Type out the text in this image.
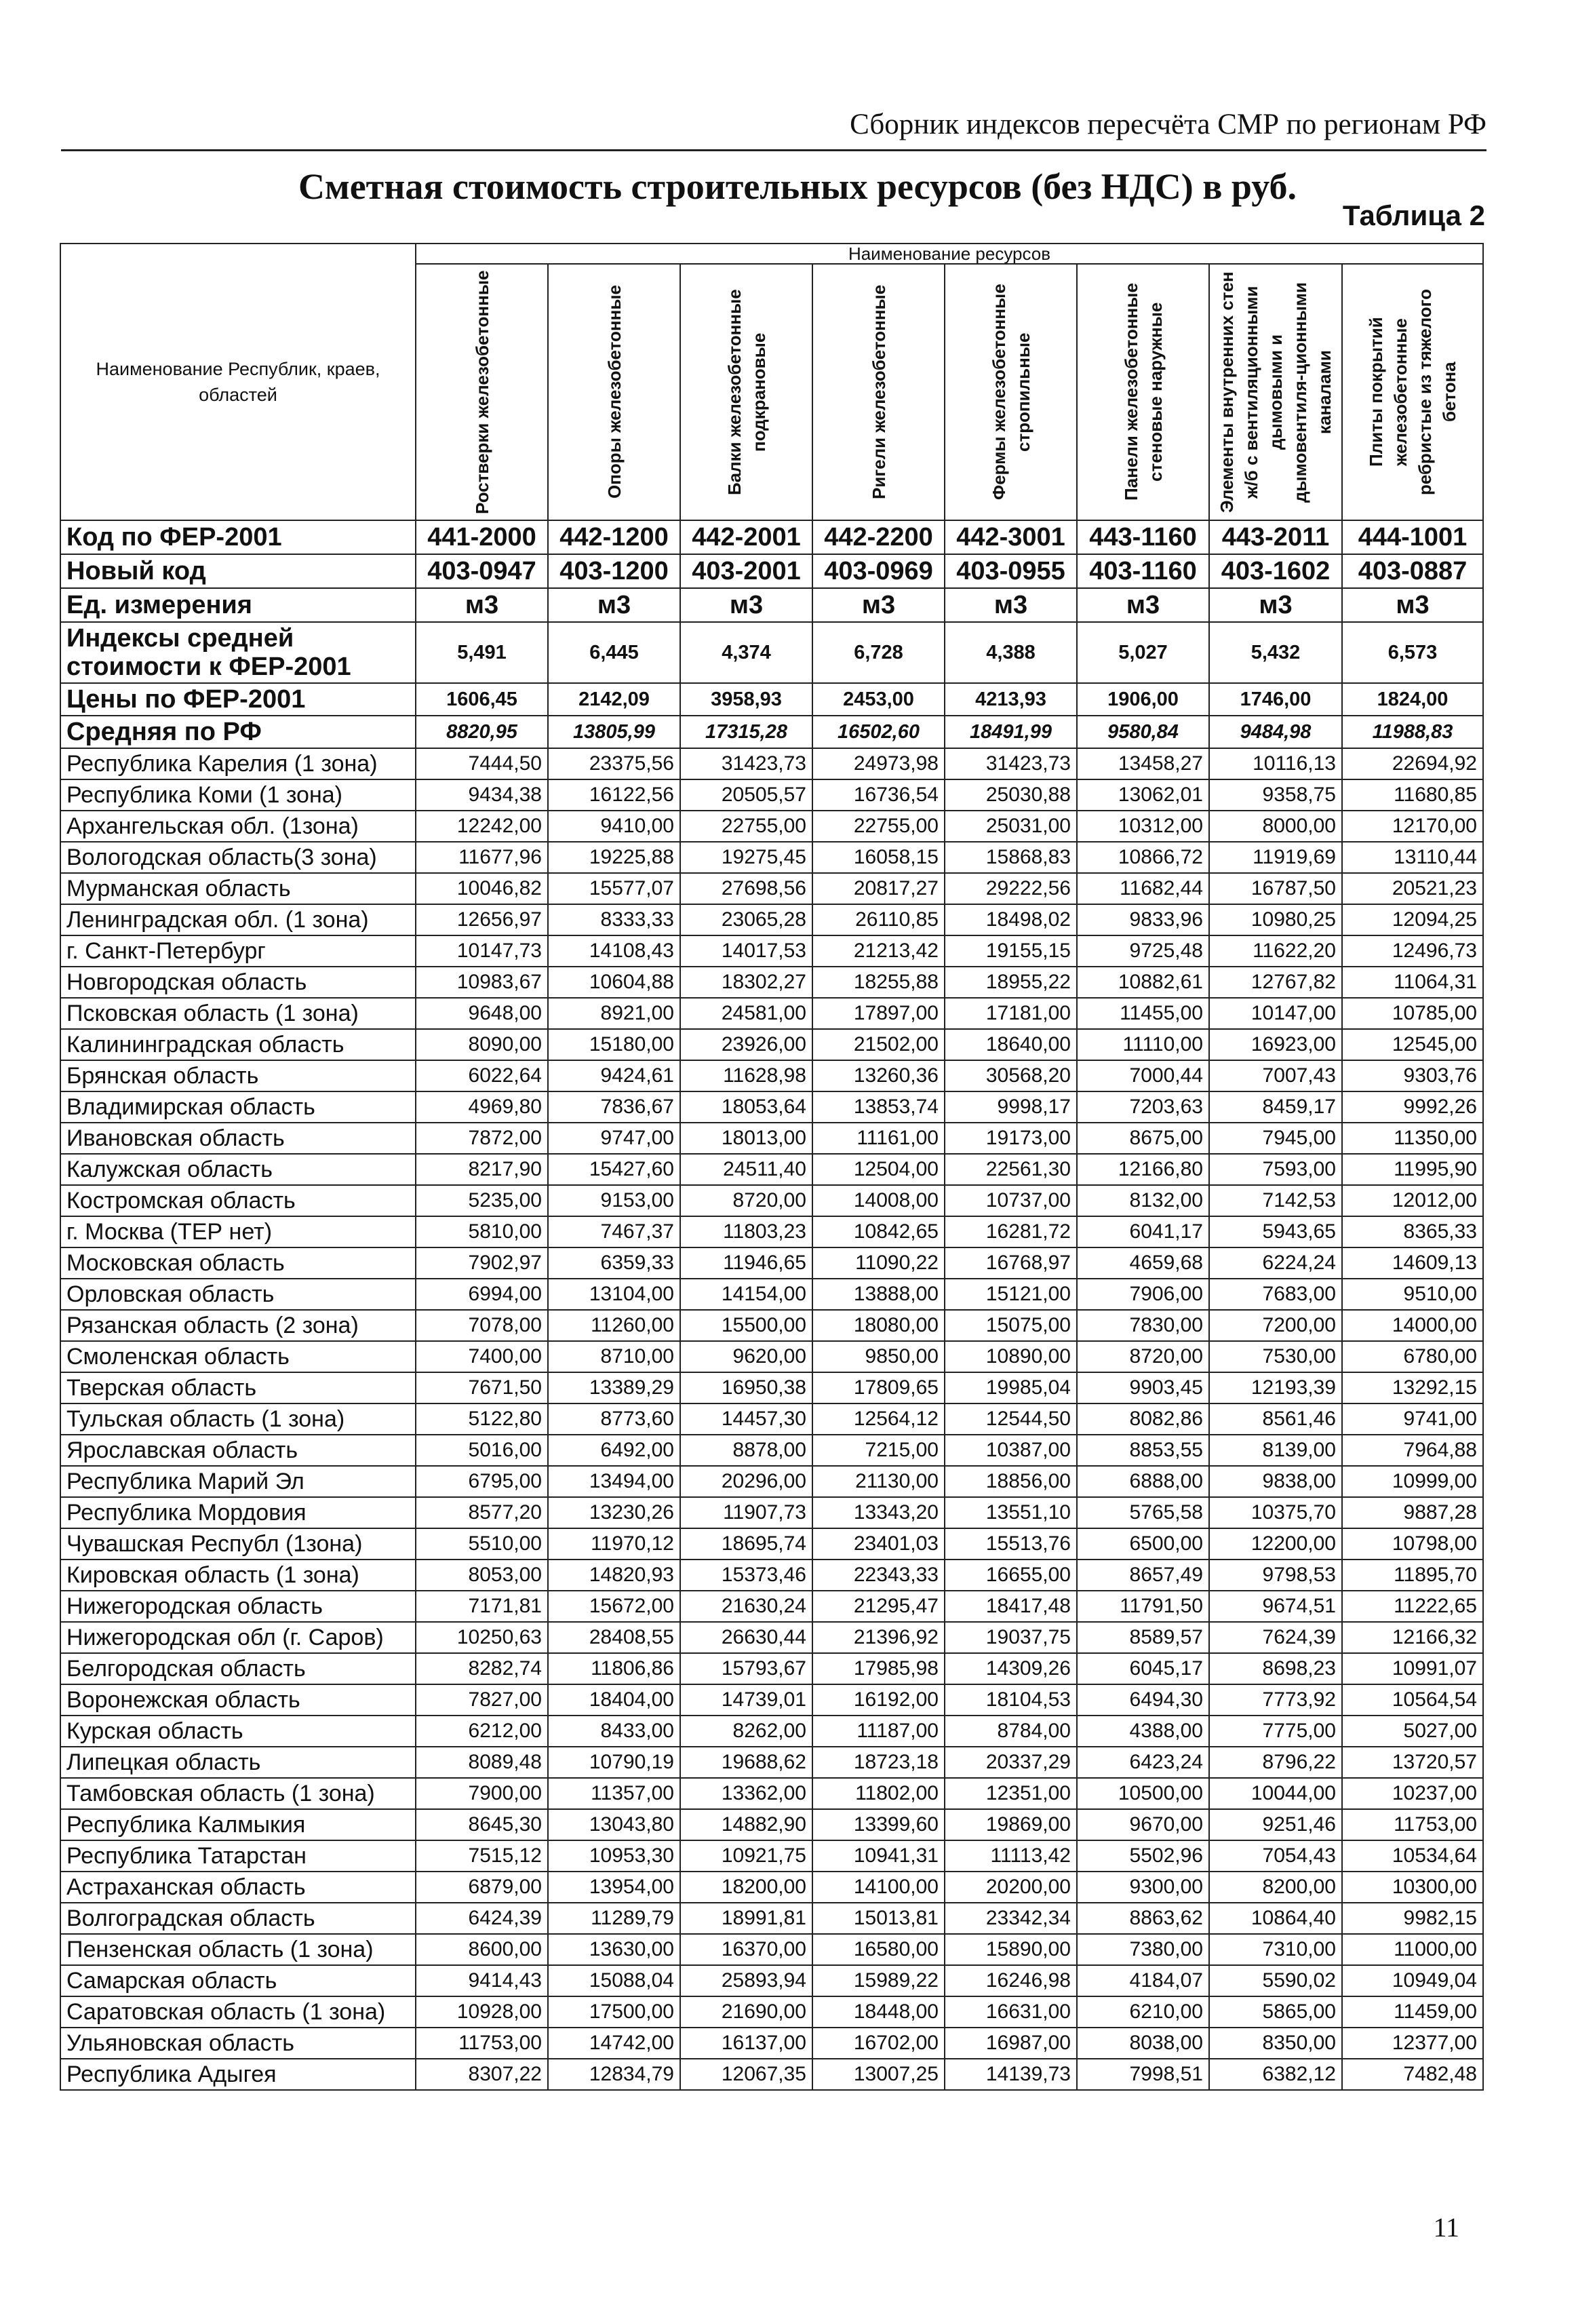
Сборник индексов пересчёта СМР по регионам РФ
Сметная стоимость строительных ресурсов (без НДС) в руб.
Таблица 2
Наименование Республик, краев, областей	Наименование ресурсов							

	Ростверки железобетонные	Опоры железобетонные	Балки железобетонные подкрановые	Ригели железобетонные	Фермы железобетонные стропильные	Панели железобетонные стеновые наружные	Элементы внутренних стен ж/б с вентиляционными дымовыми и дымовентиля-ционными каналами	Плиты покрытий железобетонные ребристые из тяжелого бетона

Код по ФЕР-2001	441-2000	442-1200	442-2001	442-2200	442-3001	443-1160	443-2011	444-1001
Новый код	403-0947	403-1200	403-2001	403-0969	403-0955	403-1160	403-1602	403-0887
Ед. измерения	м3	м3	м3	м3	м3	м3	м3	м3
Индексы средней стоимости к ФЕР-2001	5,491	6,445	4,374	6,728	4,388	5,027	5,432	6,573
Цены по ФЕР-2001	1606,45	2142,09	3958,93	2453,00	4213,93	1906,00	1746,00	1824,00
Средняя по РФ	8820,95	13805,99	17315,28	16502,60	18491,99	9580,84	9484,98	11988,83
Республика Карелия (1 зона)	7444,50	23375,56	31423,73	24973,98	31423,73	13458,27	10116,13	22694,92
Республика Коми (1 зона)	9434,38	16122,56	20505,57	16736,54	25030,88	13062,01	9358,75	11680,85
Архангельская обл. (1зона)	12242,00	9410,00	22755,00	22755,00	25031,00	10312,00	8000,00	12170,00
Вологодская область(3 зона)	11677,96	19225,88	19275,45	16058,15	15868,83	10866,72	11919,69	13110,44
Мурманская область	10046,82	15577,07	27698,56	20817,27	29222,56	11682,44	16787,50	20521,23
Ленинградская обл. (1 зона)	12656,97	8333,33	23065,28	26110,85	18498,02	9833,96	10980,25	12094,25
г. Санкт-Петербург	10147,73	14108,43	14017,53	21213,42	19155,15	9725,48	11622,20	12496,73
Новгородская область	10983,67	10604,88	18302,27	18255,88	18955,22	10882,61	12767,82	11064,31
Псковская область (1 зона)	9648,00	8921,00	24581,00	17897,00	17181,00	11455,00	10147,00	10785,00
Калининградская область	8090,00	15180,00	23926,00	21502,00	18640,00	11110,00	16923,00	12545,00
Брянская область	6022,64	9424,61	11628,98	13260,36	30568,20	7000,44	7007,43	9303,76
Владимирская область	4969,80	7836,67	18053,64	13853,74	9998,17	7203,63	8459,17	9992,26
Ивановская область	7872,00	9747,00	18013,00	11161,00	19173,00	8675,00	7945,00	11350,00
Калужская область	8217,90	15427,60	24511,40	12504,00	22561,30	12166,80	7593,00	11995,90
Костромская область	5235,00	9153,00	8720,00	14008,00	10737,00	8132,00	7142,53	12012,00
г. Москва (ТЕР нет)	5810,00	7467,37	11803,23	10842,65	16281,72	6041,17	5943,65	8365,33
Московская область	7902,97	6359,33	11946,65	11090,22	16768,97	4659,68	6224,24	14609,13
Орловская область	6994,00	13104,00	14154,00	13888,00	15121,00	7906,00	7683,00	9510,00
Рязанская область (2 зона)	7078,00	11260,00	15500,00	18080,00	15075,00	7830,00	7200,00	14000,00
Смоленская область	7400,00	8710,00	9620,00	9850,00	10890,00	8720,00	7530,00	6780,00
Тверская область	7671,50	13389,29	16950,38	17809,65	19985,04	9903,45	12193,39	13292,15
Тульская область (1 зона)	5122,80	8773,60	14457,30	12564,12	12544,50	8082,86	8561,46	9741,00
Ярославская область	5016,00	6492,00	8878,00	7215,00	10387,00	8853,55	8139,00	7964,88
Республика Марий Эл	6795,00	13494,00	20296,00	21130,00	18856,00	6888,00	9838,00	10999,00
Республика Мордовия	8577,20	13230,26	11907,73	13343,20	13551,10	5765,58	10375,70	9887,28
Чувашская Республ (1зона)	5510,00	11970,12	18695,74	23401,03	15513,76	6500,00	12200,00	10798,00
Кировская область (1 зона)	8053,00	14820,93	15373,46	22343,33	16655,00	8657,49	9798,53	11895,70
Нижегородская область	7171,81	15672,00	21630,24	21295,47	18417,48	11791,50	9674,51	11222,65
Нижегородская обл (г. Саров)	10250,63	28408,55	26630,44	21396,92	19037,75	8589,57	7624,39	12166,32
Белгородская область	8282,74	11806,86	15793,67	17985,98	14309,26	6045,17	8698,23	10991,07
Воронежская область	7827,00	18404,00	14739,01	16192,00	18104,53	6494,30	7773,92	10564,54
Курская область	6212,00	8433,00	8262,00	11187,00	8784,00	4388,00	7775,00	5027,00
Липецкая область	8089,48	10790,19	19688,62	18723,18	20337,29	6423,24	8796,22	13720,57
Тамбовская область (1 зона)	7900,00	11357,00	13362,00	11802,00	12351,00	10500,00	10044,00	10237,00
Республика Калмыкия	8645,30	13043,80	14882,90	13399,60	19869,00	9670,00	9251,46	11753,00
Республика Татарстан	7515,12	10953,30	10921,75	10941,31	11113,42	5502,96	7054,43	10534,64
Астраханская область	6879,00	13954,00	18200,00	14100,00	20200,00	9300,00	8200,00	10300,00
Волгоградская область	6424,39	11289,79	18991,81	15013,81	23342,34	8863,62	10864,40	9982,15
Пензенская область (1 зона)	8600,00	13630,00	16370,00	16580,00	15890,00	7380,00	7310,00	11000,00
Самарская область	9414,43	15088,04	25893,94	15989,22	16246,98	4184,07	5590,02	10949,04
Саратовская область (1 зона)	10928,00	17500,00	21690,00	18448,00	16631,00	6210,00	5865,00	11459,00
Ульяновская область	11753,00	14742,00	16137,00	16702,00	16987,00	8038,00	8350,00	12377,00
Республика Адыгея	8307,22	12834,79	12067,35	13007,25	14139,73	7998,51	6382,12	7482,48
11
